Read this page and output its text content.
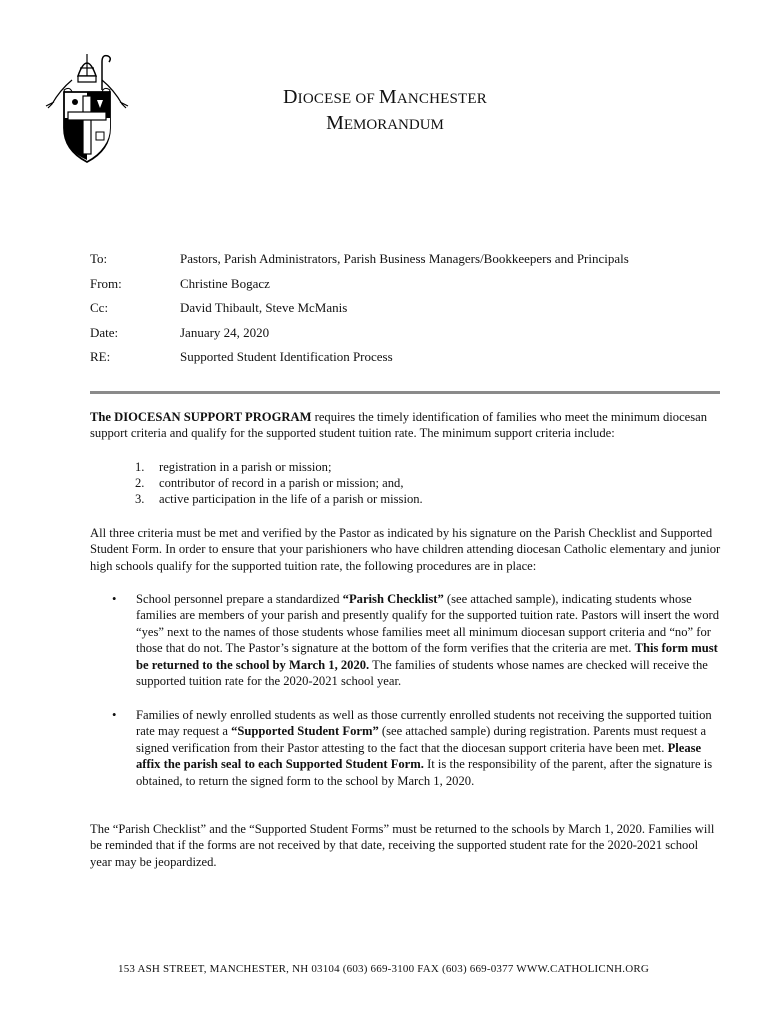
DIOCESE OF MANCHESTER
MEMORANDUM
To:	Pastors, Parish Administrators, Parish Business Managers/Bookkeepers and Principals
From:	Christine Bogacz
Cc:	David Thibault, Steve McManis
Date:	January 24, 2020
RE:	Supported Student Identification Process

The DIOCESAN SUPPORT PROGRAM requires the timely identification of families who meet the minimum diocesan support criteria and qualify for the supported student tuition rate. The minimum support criteria include:

1.	registration in a parish or mission;
2.	contributor of record in a parish or mission; and,
3.	active participation in the life of a parish or mission.

All three criteria must be met and verified by the Pastor as indicated by his signature on the Parish Checklist and Supported Student Form. In order to ensure that your parishioners who have children attending diocesan Catholic elementary and junior high schools qualify for the supported tuition rate, the following procedures are in place:

•	School personnel prepare a standardized “Parish Checklist” (see attached sample), indicating students whose families are members of your parish and presently qualify for the supported tuition rate. Pastors will insert the word “yes” next to the names of those students whose families meet all minimum diocesan support criteria and “no” for those that do not. The Pastor’s signature at the bottom of the form verifies that the criteria are met. This form must be returned to the school by March 1, 2020. The families of students whose names are checked will receive the supported tuition rate for the 2020-2021 school year.
•	Families of newly enrolled students as well as those currently enrolled students not receiving the supported tuition rate may request a “Supported Student Form” (see attached sample) during registration. Parents must request a signed verification from their Pastor attesting to the fact that the diocesan support criteria have been met. Please affix the parish seal to each Supported Student Form. It is the responsibility of the parent, after the signature is obtained, to return the signed form to the school by March 1, 2020.

The “Parish Checklist” and the “Supported Student Forms” must be returned to the schools by March 1, 2020. Families will be reminded that if the forms are not received by that date, receiving the supported student rate for the 2020-2021 school year may be jeopardized.

153 ASH STREET, MANCHESTER, NH 03104 (603) 669-3100 FAX (603) 669-0377 WWW.CATHOLICNH.ORG
